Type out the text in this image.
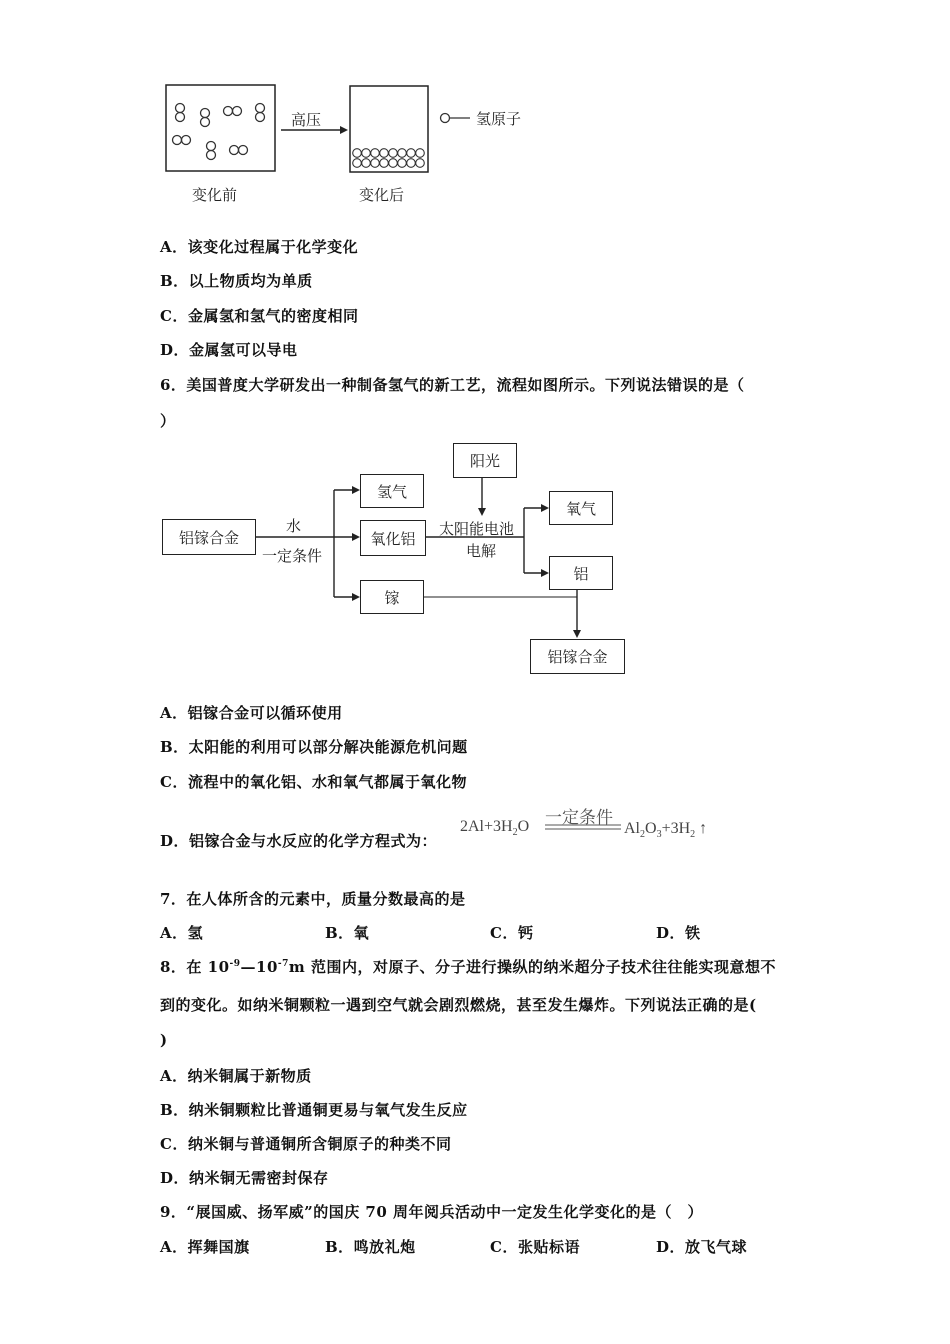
高压	氢原子
变化前	变化后
A．该变化过程属于化学变化
B．以上物质均为单质
C．金属氢和氢气的密度相同
D．金属氢可以导电
6．美国普度大学研发出一种制备氢气的新工艺，流程如图所示。下列说法错误的是（
）
铝镓合金
氢气
氧化铝
镓
阳光
氧气
铝
铝镓合金
水
一定条件
太阳能电池
电解
A．铝镓合金可以循环使用
B．太阳能的利用可以部分解决能源危机问题
C．流程中的氧化铝、水和氧气都属于氧化物
D．铝镓合金与水反应的化学方程式为：
一定条件
$2Al+3H_2O$	$Al_2O_3+3H_2$ ↑
7．在人体所含的元素中，质量分数最高的是
A．氢	B．氧	C．钙	D．铁
8．在 $10^{-9}—10^{-7}m$ 范围内，对原子、分子进行操纵的纳米超分子技术往往能实现意想不
到的变化。如纳米铜颗粒一遇到空气就会剧烈燃烧，甚至发生爆炸。下列说法正确的是(
)
A．纳米铜属于新物质
B．纳米铜颗粒比普通铜更易与氧气发生反应
C．纳米铜与普通铜所含铜原子的种类不同
D．纳米铜无需密封保存
9．“展国威、扬军威”的国庆 70 周年阅兵活动中一定发生化学变化的是（　）
A．挥舞国旗	B．鸣放礼炮	C．张贴标语	D．放飞气球
